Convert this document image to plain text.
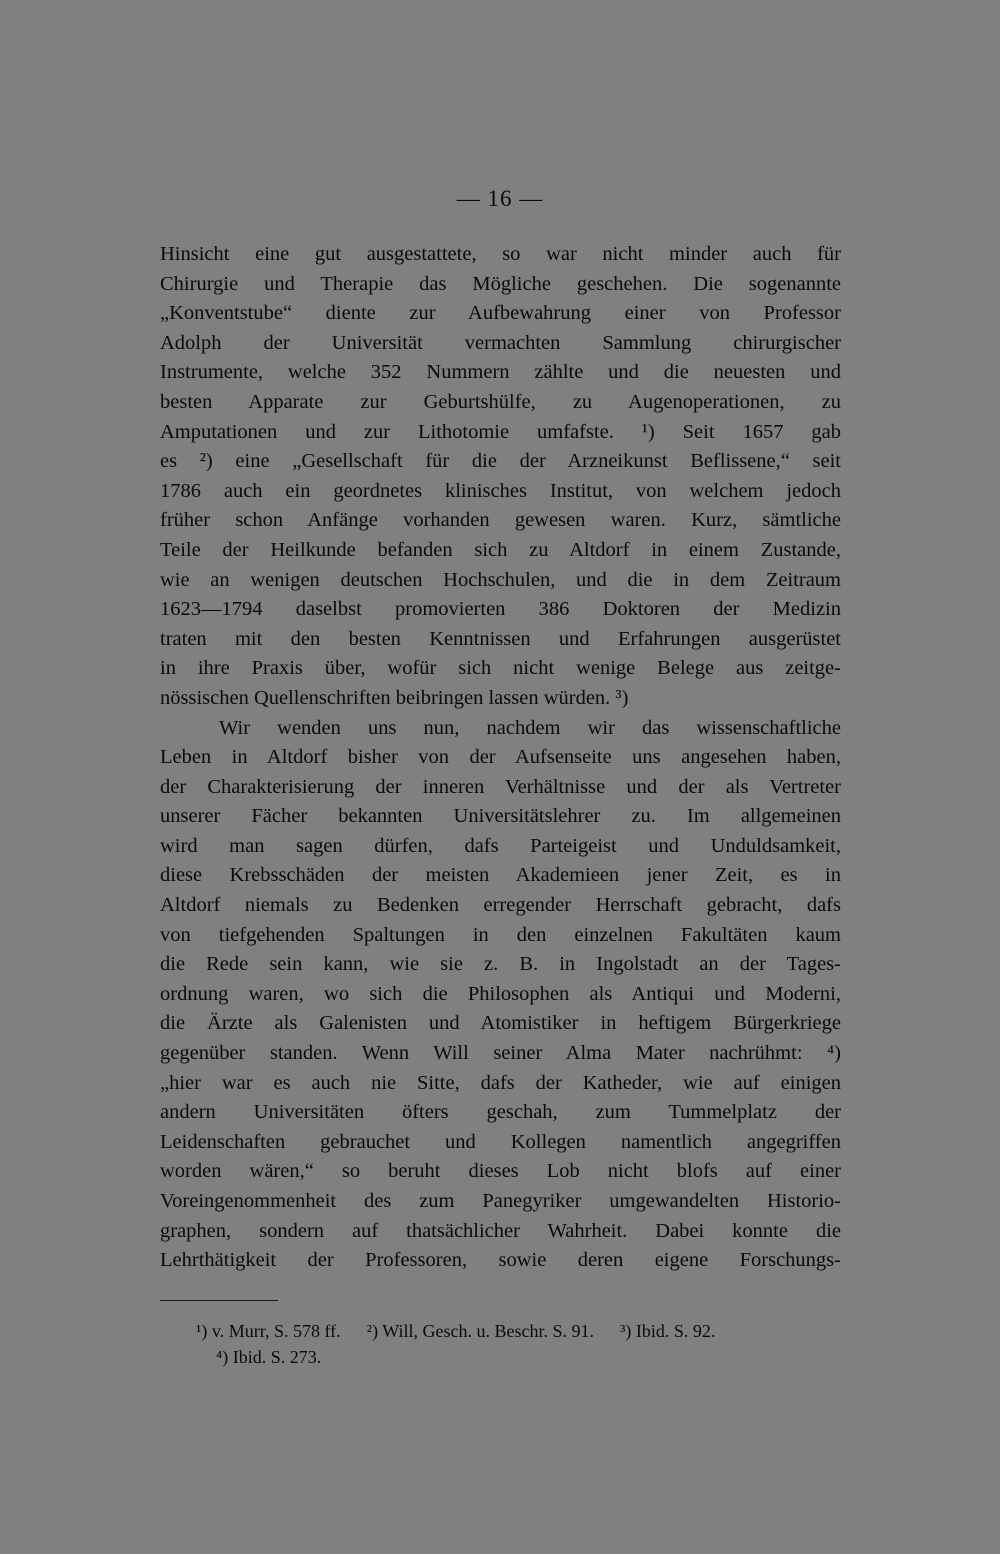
— 16 —
Hinsicht eine gut ausgestattete, so war nicht minder auch für
Chirurgie und Therapie das Mögliche geschehen. Die sogenannte
„Konventstube“ diente zur Aufbewahrung einer von Professor
Adolph der Universität vermachten Sammlung chirurgischer
Instrumente, welche 352 Nummern zählte und die neuesten und
besten Apparate zur Geburtshülfe, zu Augenoperationen, zu
Amputationen und zur Lithotomie umfafste. ¹) Seit 1657 gab
es ²) eine „Gesellschaft für die der Arzneikunst Beflissene,“ seit
1786 auch ein geordnetes klinisches Institut, von welchem jedoch
früher schon Anfänge vorhanden gewesen waren. Kurz, sämtliche
Teile der Heilkunde befanden sich zu Altdorf in einem Zustande,
wie an wenigen deutschen Hochschulen, und die in dem Zeitraum
1623—1794 daselbst promovierten 386 Doktoren der Medizin
traten mit den besten Kenntnissen und Erfahrungen ausgerüstet
in ihre Praxis über, wofür sich nicht wenige Belege aus zeitge-
nössischen Quellenschriften beibringen lassen würden. ³)
Wir wenden uns nun, nachdem wir das wissenschaftliche
Leben in Altdorf bisher von der Aufsenseite uns angesehen haben,
der Charakterisierung der inneren Verhältnisse und der als Vertreter
unserer Fächer bekannten Universitätslehrer zu. Im allgemeinen
wird man sagen dürfen, dafs Parteigeist und Unduldsamkeit,
diese Krebsschäden der meisten Akademieen jener Zeit, es in
Altdorf niemals zu Bedenken erregender Herrschaft gebracht, dafs
von tiefgehenden Spaltungen in den einzelnen Fakultäten kaum
die Rede sein kann, wie sie z. B. in Ingolstadt an der Tages-
ordnung waren, wo sich die Philosophen als Antiqui und Moderni,
die Ärzte als Galenisten und Atomistiker in heftigem Bürgerkriege
gegenüber standen. Wenn Will seiner Alma Mater nachrühmt: ⁴)
„hier war es auch nie Sitte, dafs der Katheder, wie auf einigen
andern Universitäten öfters geschah, zum Tummelplatz der
Leidenschaften gebrauchet und Kollegen namentlich angegriffen
worden wären,“ so beruht dieses Lob nicht blofs auf einer
Voreingenommenheit des zum Panegyriker umgewandelten Historio-
graphen, sondern auf thatsächlicher Wahrheit. Dabei konnte die
Lehrthätigkeit der Professoren, sowie deren eigene Forschungs-
¹) v. Murr, S. 578 ff. ²) Will, Gesch. u. Beschr. S. 91. ³) Ibid. S. 92.
⁴) Ibid. S. 273.
